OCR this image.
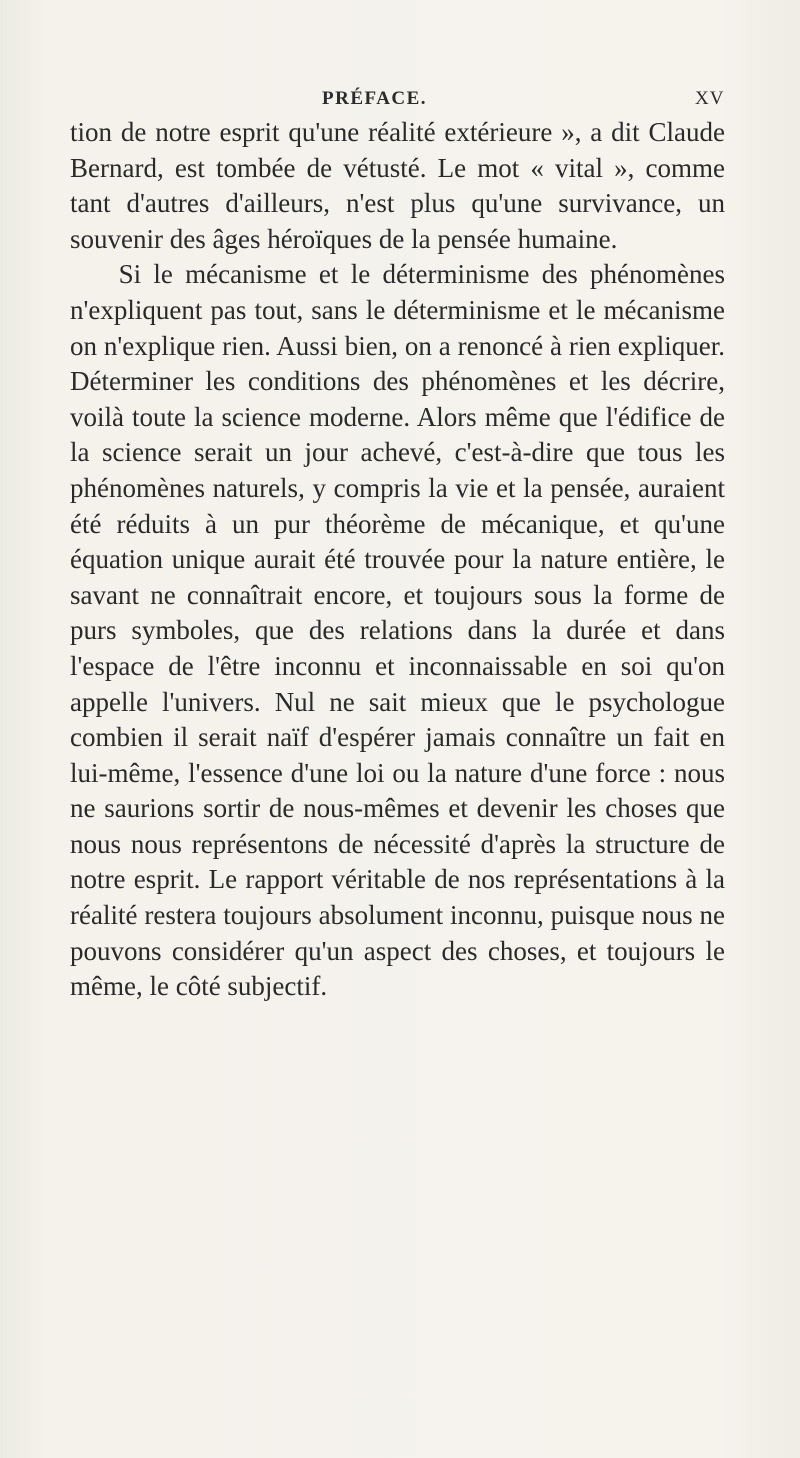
PRÉFACE.	XV

tion de notre esprit qu'une réalité extérieure », a dit Claude Bernard, est tombée de vétusté. Le mot « vital », comme tant d'autres d'ailleurs, n'est plus qu'une survivance, un souvenir des âges héroïques de la pensée humaine.

Si le mécanisme et le déterminisme des phénomènes n'expliquent pas tout, sans le déterminisme et le mécanisme on n'explique rien. Aussi bien, on a renoncé à rien expliquer. Déterminer les conditions des phénomènes et les décrire, voilà toute la science moderne. Alors même que l'édifice de la science serait un jour achevé, c'est-à-dire que tous les phénomènes naturels, y compris la vie et la pensée, auraient été réduits à un pur théorème de mécanique, et qu'une équation unique aurait été trouvée pour la nature entière, le savant ne connaîtrait encore, et toujours sous la forme de purs symboles, que des relations dans la durée et dans l'espace de l'être inconnu et inconnaissable en soi qu'on appelle l'univers. Nul ne sait mieux que le psychologue combien il serait naïf d'espérer jamais connaître un fait en lui-même, l'essence d'une loi ou la nature d'une force : nous ne saurions sortir de nous-mêmes et devenir les choses que nous nous représentons de nécessité d'après la structure de notre esprit. Le rapport véritable de nos représentations à la réalité restera toujours absolument inconnu, puisque nous ne pouvons considérer qu'un aspect des choses, et toujours le même, le côté subjectif.
